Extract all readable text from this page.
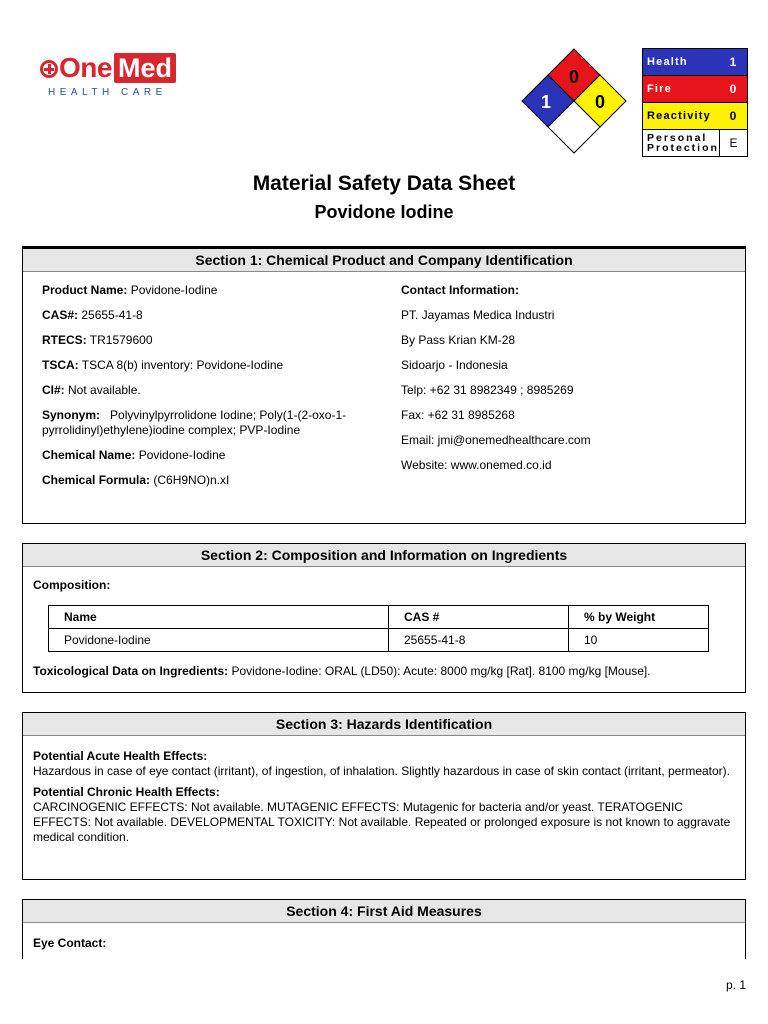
One Med
HEALTH CARE
0
1 0
Health	1
Fire	0
Reactivity	0
Personal
Protection E
Material Safety Data Sheet
Povidone Iodine
Section 1: Chemical Product and Company Identification
Product Name: Povidone-Iodine
CAS#: 25655-41-8
RTECS: TR1579600
TSCA: TSCA 8(b) inventory: Povidone-Iodine
CI#: Not available.
Synonym:   Polyvinylpyrrolidone Iodine; Poly(1-(2-oxo-1-pyrrolidinyl)ethylene)iodine complex; PVP-Iodine
Chemical Name: Povidone-Iodine
Chemical Formula: (C6H9NO)n.xI
Contact Information:
PT. Jayamas Medica Industri
By Pass Krian KM-28
Sidoarjo - Indonesia
Telp: +62 31 8982349 ; 8985269
Fax: +62 31 8985268
Email: jmi@onemedhealthcare.com
Website: www.onemed.co.id
Section 2: Composition and Information on Ingredients
Composition:
Name	CAS #	% by Weight
Povidone-Iodine	25655-41-8	10
Toxicological Data on Ingredients: Povidone-Iodine: ORAL (LD50): Acute: 8000 mg/kg [Rat]. 8100 mg/kg [Mouse].
Section 3: Hazards Identification
Potential Acute Health Effects:
Hazardous in case of eye contact (irritant), of ingestion, of inhalation. Slightly hazardous in case of skin contact (irritant, permeator).
Potential Chronic Health Effects:
CARCINOGENIC EFFECTS: Not available. MUTAGENIC EFFECTS: Mutagenic for bacteria and/or yeast. TERATOGENIC EFFECTS: Not available. DEVELOPMENTAL TOXICITY: Not available. Repeated or prolonged exposure is not known to aggravate medical condition.
Section 4: First Aid Measures
Eye Contact:
p. 1
